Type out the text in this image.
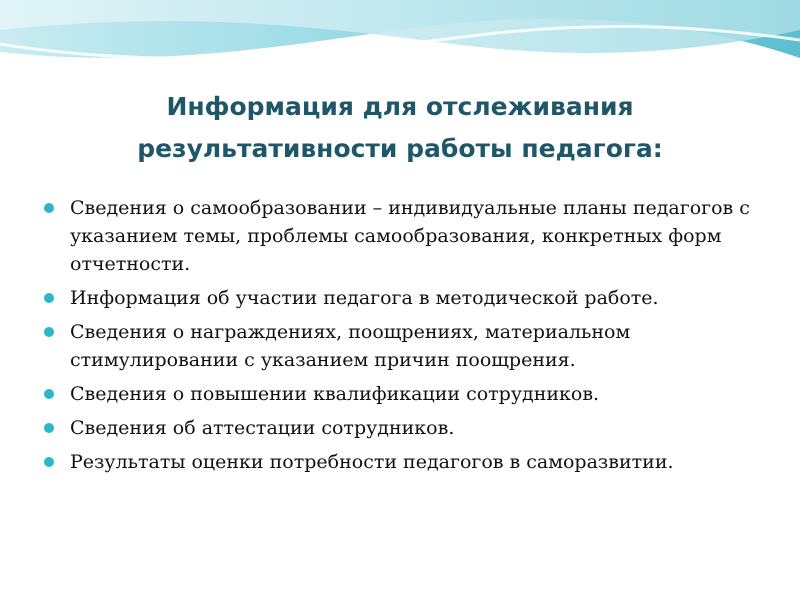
Информация для отслеживания
результативности работы педагога:
Сведения о самообразовании – индивидуальные планы педагогов с указанием темы, проблемы самообразования, конкретных форм отчетности.
Информация об участии педагога в методической работе.
Сведения о награждениях, поощрениях, материальном стимулировании с указанием причин поощрения.
Сведения о повышении квалификации сотрудников.
Сведения об аттестации сотрудников.
Результаты оценки потребности педагогов в саморазвитии.
